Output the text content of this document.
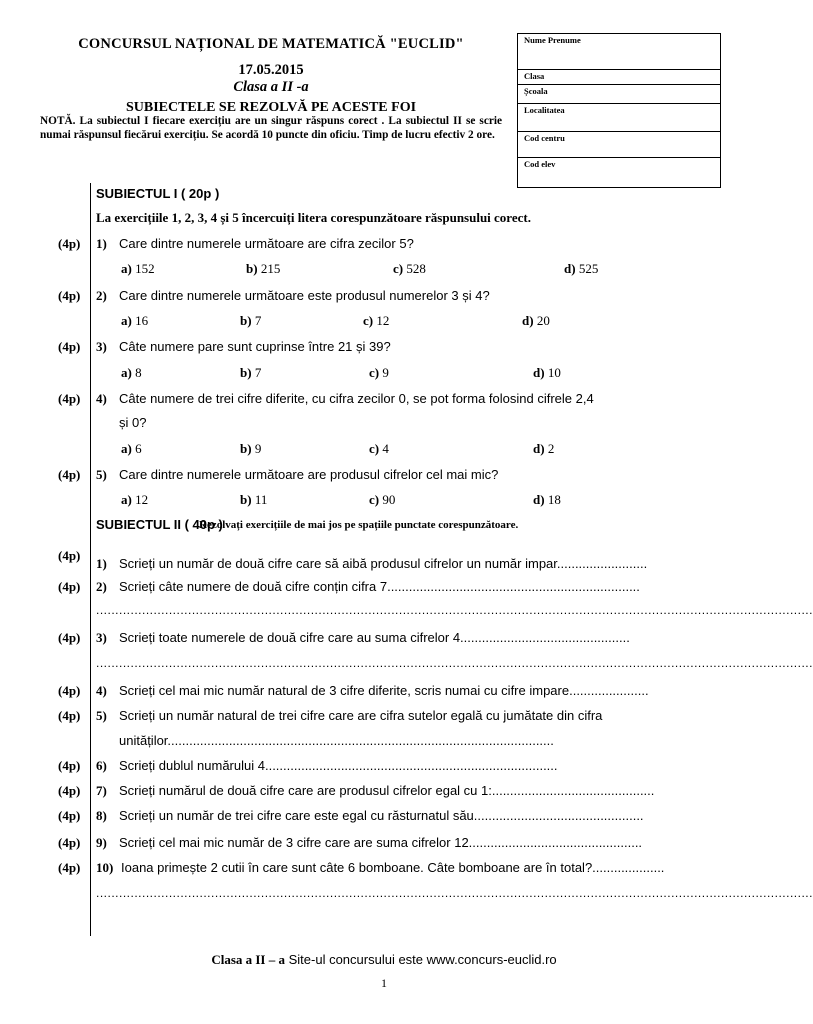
CONCURSUL NAȚIONAL DE MATEMATICĂ "EUCLID"
17.05.2015
Clasa a II -a
SUBIECTELE SE REZOLVĂ PE ACESTE FOI
NOTĂ. La subiectul I fiecare exercițiu are un singur răspuns corect . La subiectul II se scrie numai răspunsul fiecărui exercițiu. Se acordă 10 puncte din oficiu. Timp de lucru efectiv 2 ore.
Nume Prenume
Clasa
Școala
Localitatea
Cod centru
Cod elev
SUBIECTUL I ( 20p )
La exercițiile 1, 2, 3, 4 și 5 încercuiți litera corespunzătoare răspunsului corect.
(4p) 1) Care dintre numerele următoare are cifra zecilor 5?
a) 152	b) 215	c) 528	d) 525
(4p) 2) Care dintre numerele următoare este produsul numerelor 3 și 4?
a) 16	b) 7	c) 12	d) 20
(4p) 3) Câte numere pare sunt cuprinse între 21 și 39?
a) 8	b) 7	c) 9	d) 10
(4p) 4) Câte numere de trei cifre diferite, cu cifra zecilor 0, se pot forma folosind cifrele 2,4
și 0?
a) 6	b) 9	c) 4	d) 2
(4p) 5) Care dintre numerele următoare are produsul cifrelor cel mai mic?
a) 12	b) 11	c) 90	d) 18
SUBIECTUL II ( 40p )
Rezolvați exercițiile de mai jos pe spațiile punctate corespunzătoare.
(4p)
1) Scrieți un număr de două cifre care să aibă produsul cifrelor un număr impar.........................
(4p) 2) Scrieți câte numere de două cifre conțin cifra 7......................................................................
...........................................................................................................................................................................................
(4p) 3) Scrieți toate numerele de două cifre care au suma cifrelor 4...............................................
...........................................................................................................................................................................................
(4p) 4) Scrieți cel mai mic număr natural de 3 cifre diferite, scris numai cu cifre impare......................
(4p) 5) Scrieți un număr natural de trei cifre care are cifra sutelor egală cu jumătate din cifra
unităților...........................................................................................................
(4p) 6) Scrieți dublul numărului 4.................................................................................
(4p) 7) Scrieți numărul de două cifre care are produsul cifrelor egal cu 1:.............................................
(4p) 8) Scrieți un număr de trei cifre care este egal cu răsturnatul său...............................................
(4p) 9) Scrieți cel mai mic număr de 3 cifre care are suma cifrelor 12................................................
(4p) 10) Ioana primește 2 cutii în care sunt câte 6 bomboane. Câte bomboane are în total?....................
...........................................................................................................................................................................................
Clasa a II – a Site-ul concursului este www.concurs-euclid.ro
1
